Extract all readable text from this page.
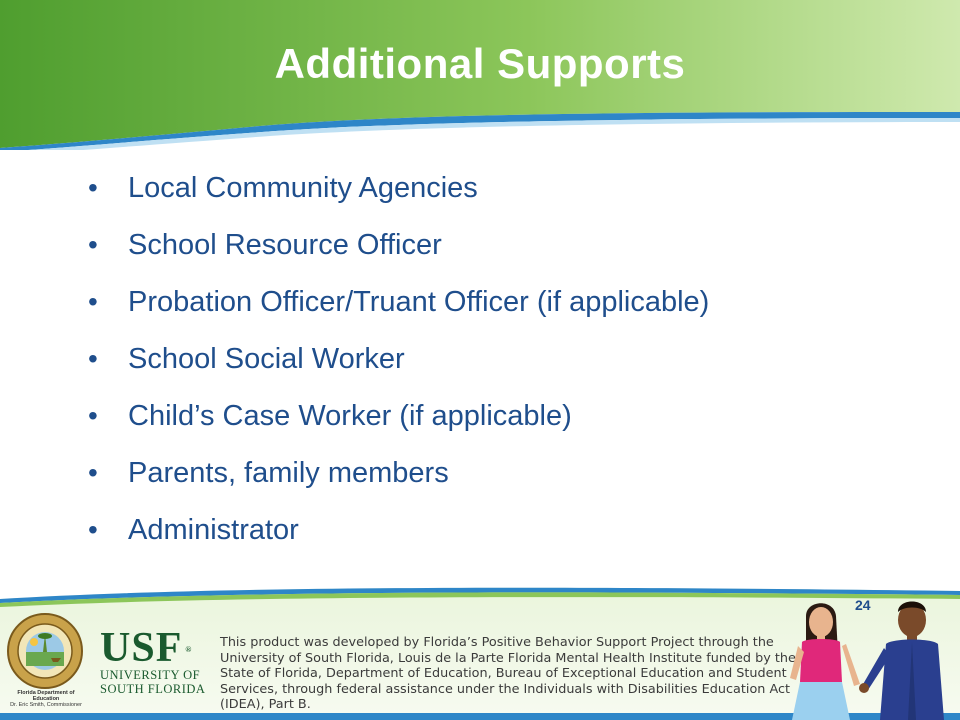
Additional Supports
• Local Community Agencies
• School Resource Officer
• Probation Officer/Truant Officer (if applicable)
• School Social Worker
• Child’s Case Worker (if applicable)
• Parents, family members
• Administrator
24
Florida Department of Education
Dr. Eric Smith, Commissioner
USF ®
UNIVERSITY OF
SOUTH FLORIDA
This product was developed by Florida’s Positive Behavior Support Project through the University of South Florida, Louis de la Parte Florida Mental Health Institute funded by the State of Florida, Department of Education, Bureau of Exceptional Education and Student Services, through federal assistance under the Individuals with Disabilities Education Act (IDEA), Part B.
